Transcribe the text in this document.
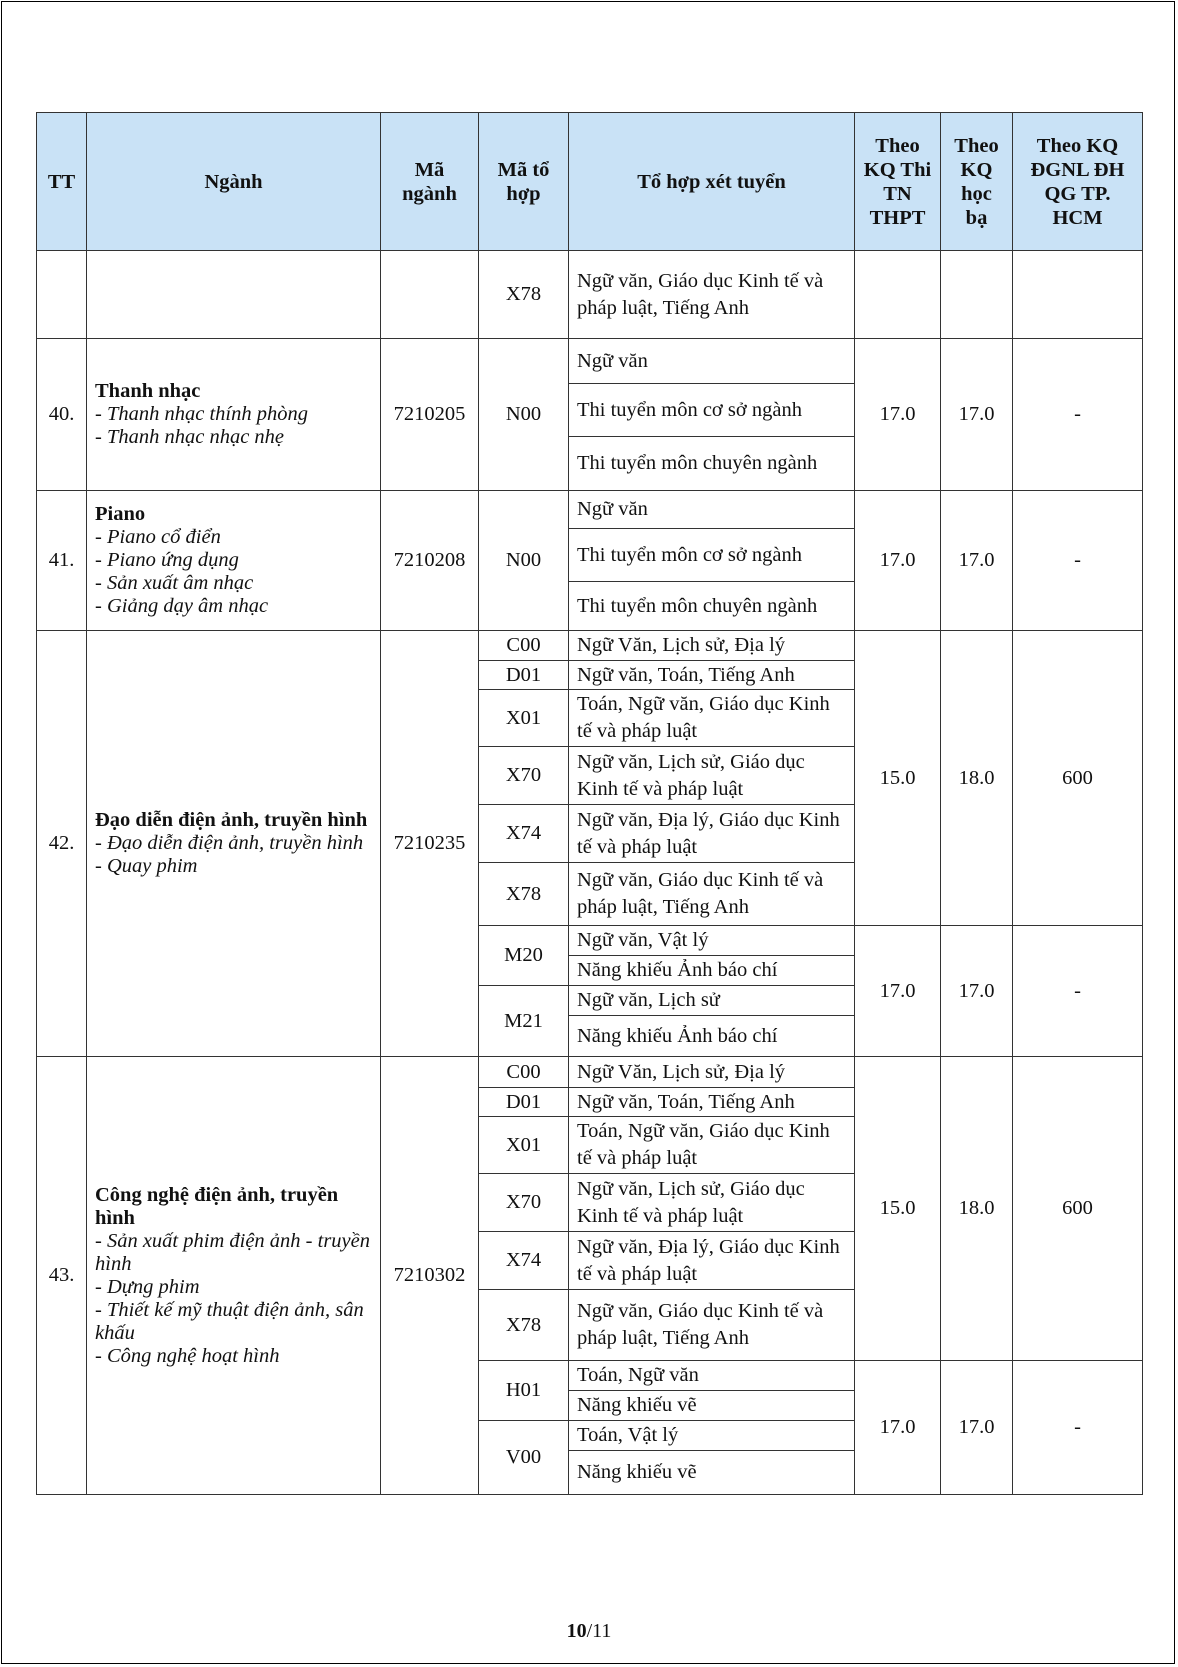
TT	Ngành	Mã ngành	Mã tổ hợp	Tổ hợp xét tuyển	Theo KQ Thi TN THPT	Theo KQ học bạ	Theo KQ ĐGNL ĐH QG TP. HCM
			X78	Ngữ văn, Giáo dục Kinh tế và pháp luật, Tiếng Anh			
40.	Thanh nhạc
- Thanh nhạc thính phòng
- Thanh nhạc nhạc nhẹ	7210205	N00	Ngữ văn	17.0	17.0	-
				Thi tuyển môn cơ sở ngành			
				Thi tuyển môn chuyên ngành			
41.	Piano
- Piano cổ điển
- Piano ứng dụng
- Sản xuất âm nhạc
- Giảng dạy âm nhạc	7210208	N00	Ngữ văn	17.0	17.0	-
				Thi tuyển môn cơ sở ngành			
				Thi tuyển môn chuyên ngành			
42.	Đạo diễn điện ảnh, truyền hình
- Đạo diễn điện ảnh, truyền hình
- Quay phim	7210235	C00	Ngữ Văn, Lịch sử, Địa lý	15.0	18.0	600
			D01	Ngữ văn, Toán, Tiếng Anh			
			X01	Toán, Ngữ văn, Giáo dục Kinh tế và pháp luật			
			X70	Ngữ văn, Lịch sử, Giáo dục Kinh tế và pháp luật			
			X74	Ngữ văn, Địa lý, Giáo dục Kinh tế và pháp luật			
			X78	Ngữ văn, Giáo dục Kinh tế và pháp luật, Tiếng Anh			
			M20	Ngữ văn, Vật lý	17.0	17.0	-
				Năng khiếu Ảnh báo chí			
			M21	Ngữ văn, Lịch sử			
				Năng khiếu Ảnh báo chí			
43.	Công nghệ điện ảnh, truyền hình
- Sản xuất phim điện ảnh - truyền hình
- Dựng phim
- Thiết kế mỹ thuật điện ảnh, sân khấu
- Công nghệ hoạt hình	7210302	C00	Ngữ Văn, Lịch sử, Địa lý	15.0	18.0	600
			D01	Ngữ văn, Toán, Tiếng Anh			
			X01	Toán, Ngữ văn, Giáo dục Kinh tế và pháp luật			
			X70	Ngữ văn, Lịch sử, Giáo dục Kinh tế và pháp luật			
			X74	Ngữ văn, Địa lý, Giáo dục Kinh tế và pháp luật			
			X78	Ngữ văn, Giáo dục Kinh tế và pháp luật, Tiếng Anh			
			H01	Toán, Ngữ văn	17.0	17.0	-
				Năng khiếu vẽ			
			V00	Toán, Vật lý			
				Năng khiếu vẽ			
10/11
